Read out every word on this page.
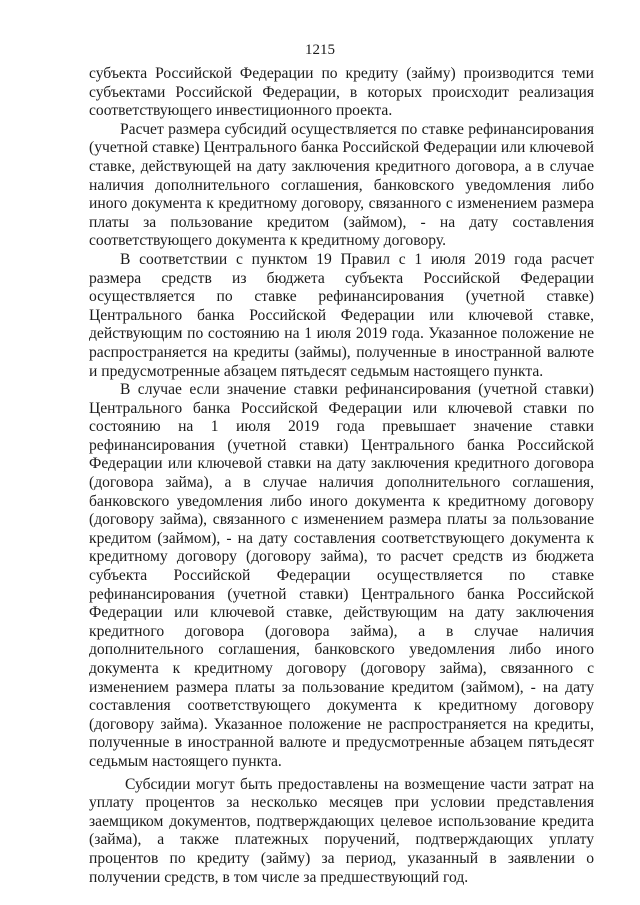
1215

субъекта Российской Федерации по кредиту (займу) производится теми субъектами Российской Федерации, в которых происходит реализация соответствующего инвестиционного проекта.

Расчет размера субсидий осуществляется по ставке рефинансирования (учетной ставке) Центрального банка Российской Федерации или ключевой ставке, действующей на дату заключения кредитного договора, а в случае наличия дополнительного соглашения, банковского уведомления либо иного документа к кредитному договору, связанного с изменением размера платы за пользование кредитом (займом), - на дату составления соответствующего документа к кредитному договору.

В соответствии с пунктом 19 Правил с 1 июля 2019 года расчет размера средств из бюджета субъекта Российской Федерации осуществляется по ставке рефинансирования (учетной ставке) Центрального банка Российской Федерации или ключевой ставке, действующим по состоянию на 1 июля 2019 года. Указанное положение не распространяется на кредиты (займы), полученные в иностранной валюте и предусмотренные абзацем пятьдесят седьмым настоящего пункта.

В случае если значение ставки рефинансирования (учетной ставки) Центрального банка Российской Федерации или ключевой ставки по состоянию на 1 июля 2019 года превышает значение ставки рефинансирования (учетной ставки) Центрального банка Российской Федерации или ключевой ставки на дату заключения кредитного договора (договора займа), а в случае наличия дополнительного соглашения, банковского уведомления либо иного документа к кредитному договору (договору займа), связанного с изменением размера платы за пользование кредитом (займом), - на дату составления соответствующего документа к кредитному договору (договору займа), то расчет средств из бюджета субъекта Российской Федерации осуществляется по ставке рефинансирования (учетной ставки) Центрального банка Российской Федерации или ключевой ставке, действующим на дату заключения кредитного договора (договора займа), а в случае наличия дополнительного соглашения, банковского уведомления либо иного документа к кредитному договору (договору займа), связанного с изменением размера платы за пользование кредитом (займом), - на дату составления соответствующего документа к кредитному договору (договору займа). Указанное положение не распространяется на кредиты, полученные в иностранной валюте и предусмотренные абзацем пятьдесят седьмым настоящего пункта.

Субсидии могут быть предоставлены на возмещение части затрат на уплату процентов за несколько месяцев при условии представления заемщиком документов, подтверждающих целевое использование кредита (займа), а также платежных поручений, подтверждающих уплату процентов по кредиту (займу) за период, указанный в заявлении о получении средств, в том числе за предшествующий год.
